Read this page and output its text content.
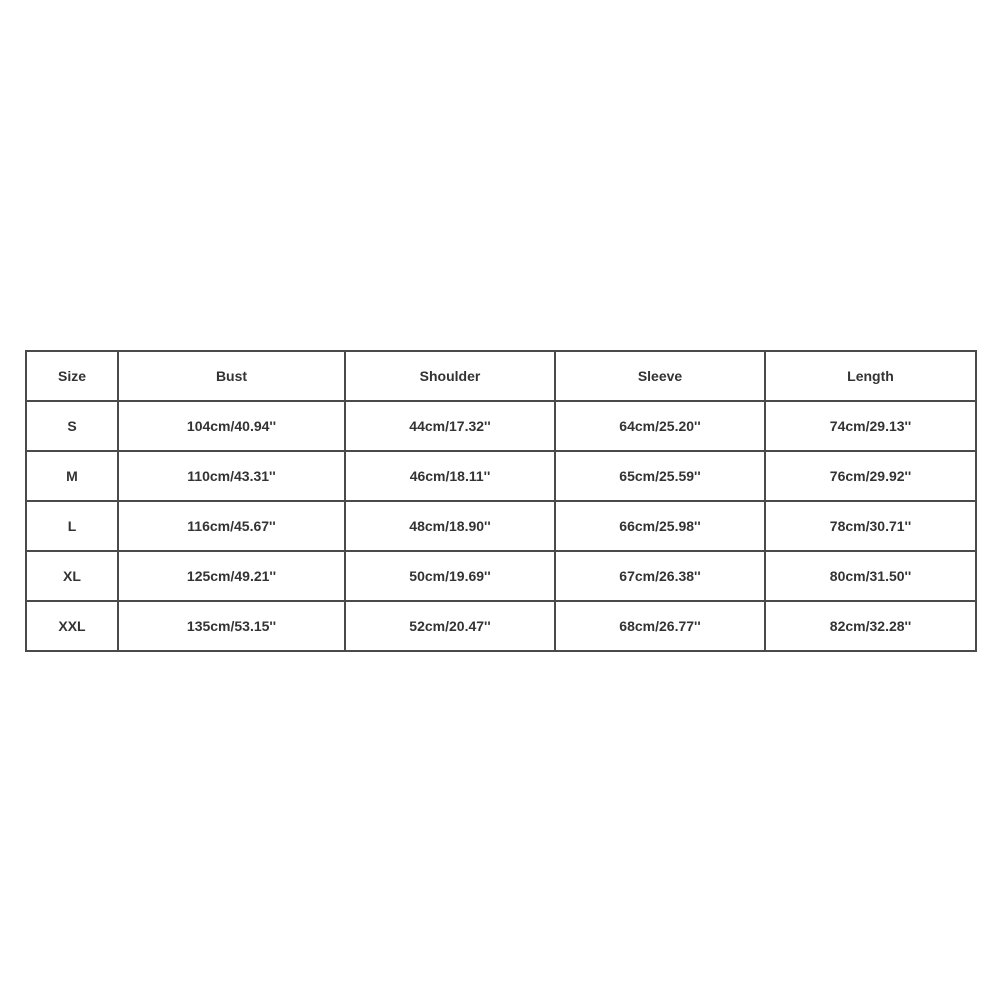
Size	Bust	Shoulder	Sleeve	Length
S	104cm/40.94''	44cm/17.32''	64cm/25.20''	74cm/29.13''
M	110cm/43.31''	46cm/18.11''	65cm/25.59''	76cm/29.92''
L	116cm/45.67''	48cm/18.90''	66cm/25.98''	78cm/30.71''
XL	125cm/49.21''	50cm/19.69''	67cm/26.38''	80cm/31.50''
XXL	135cm/53.15''	52cm/20.47''	68cm/26.77''	82cm/32.28''
